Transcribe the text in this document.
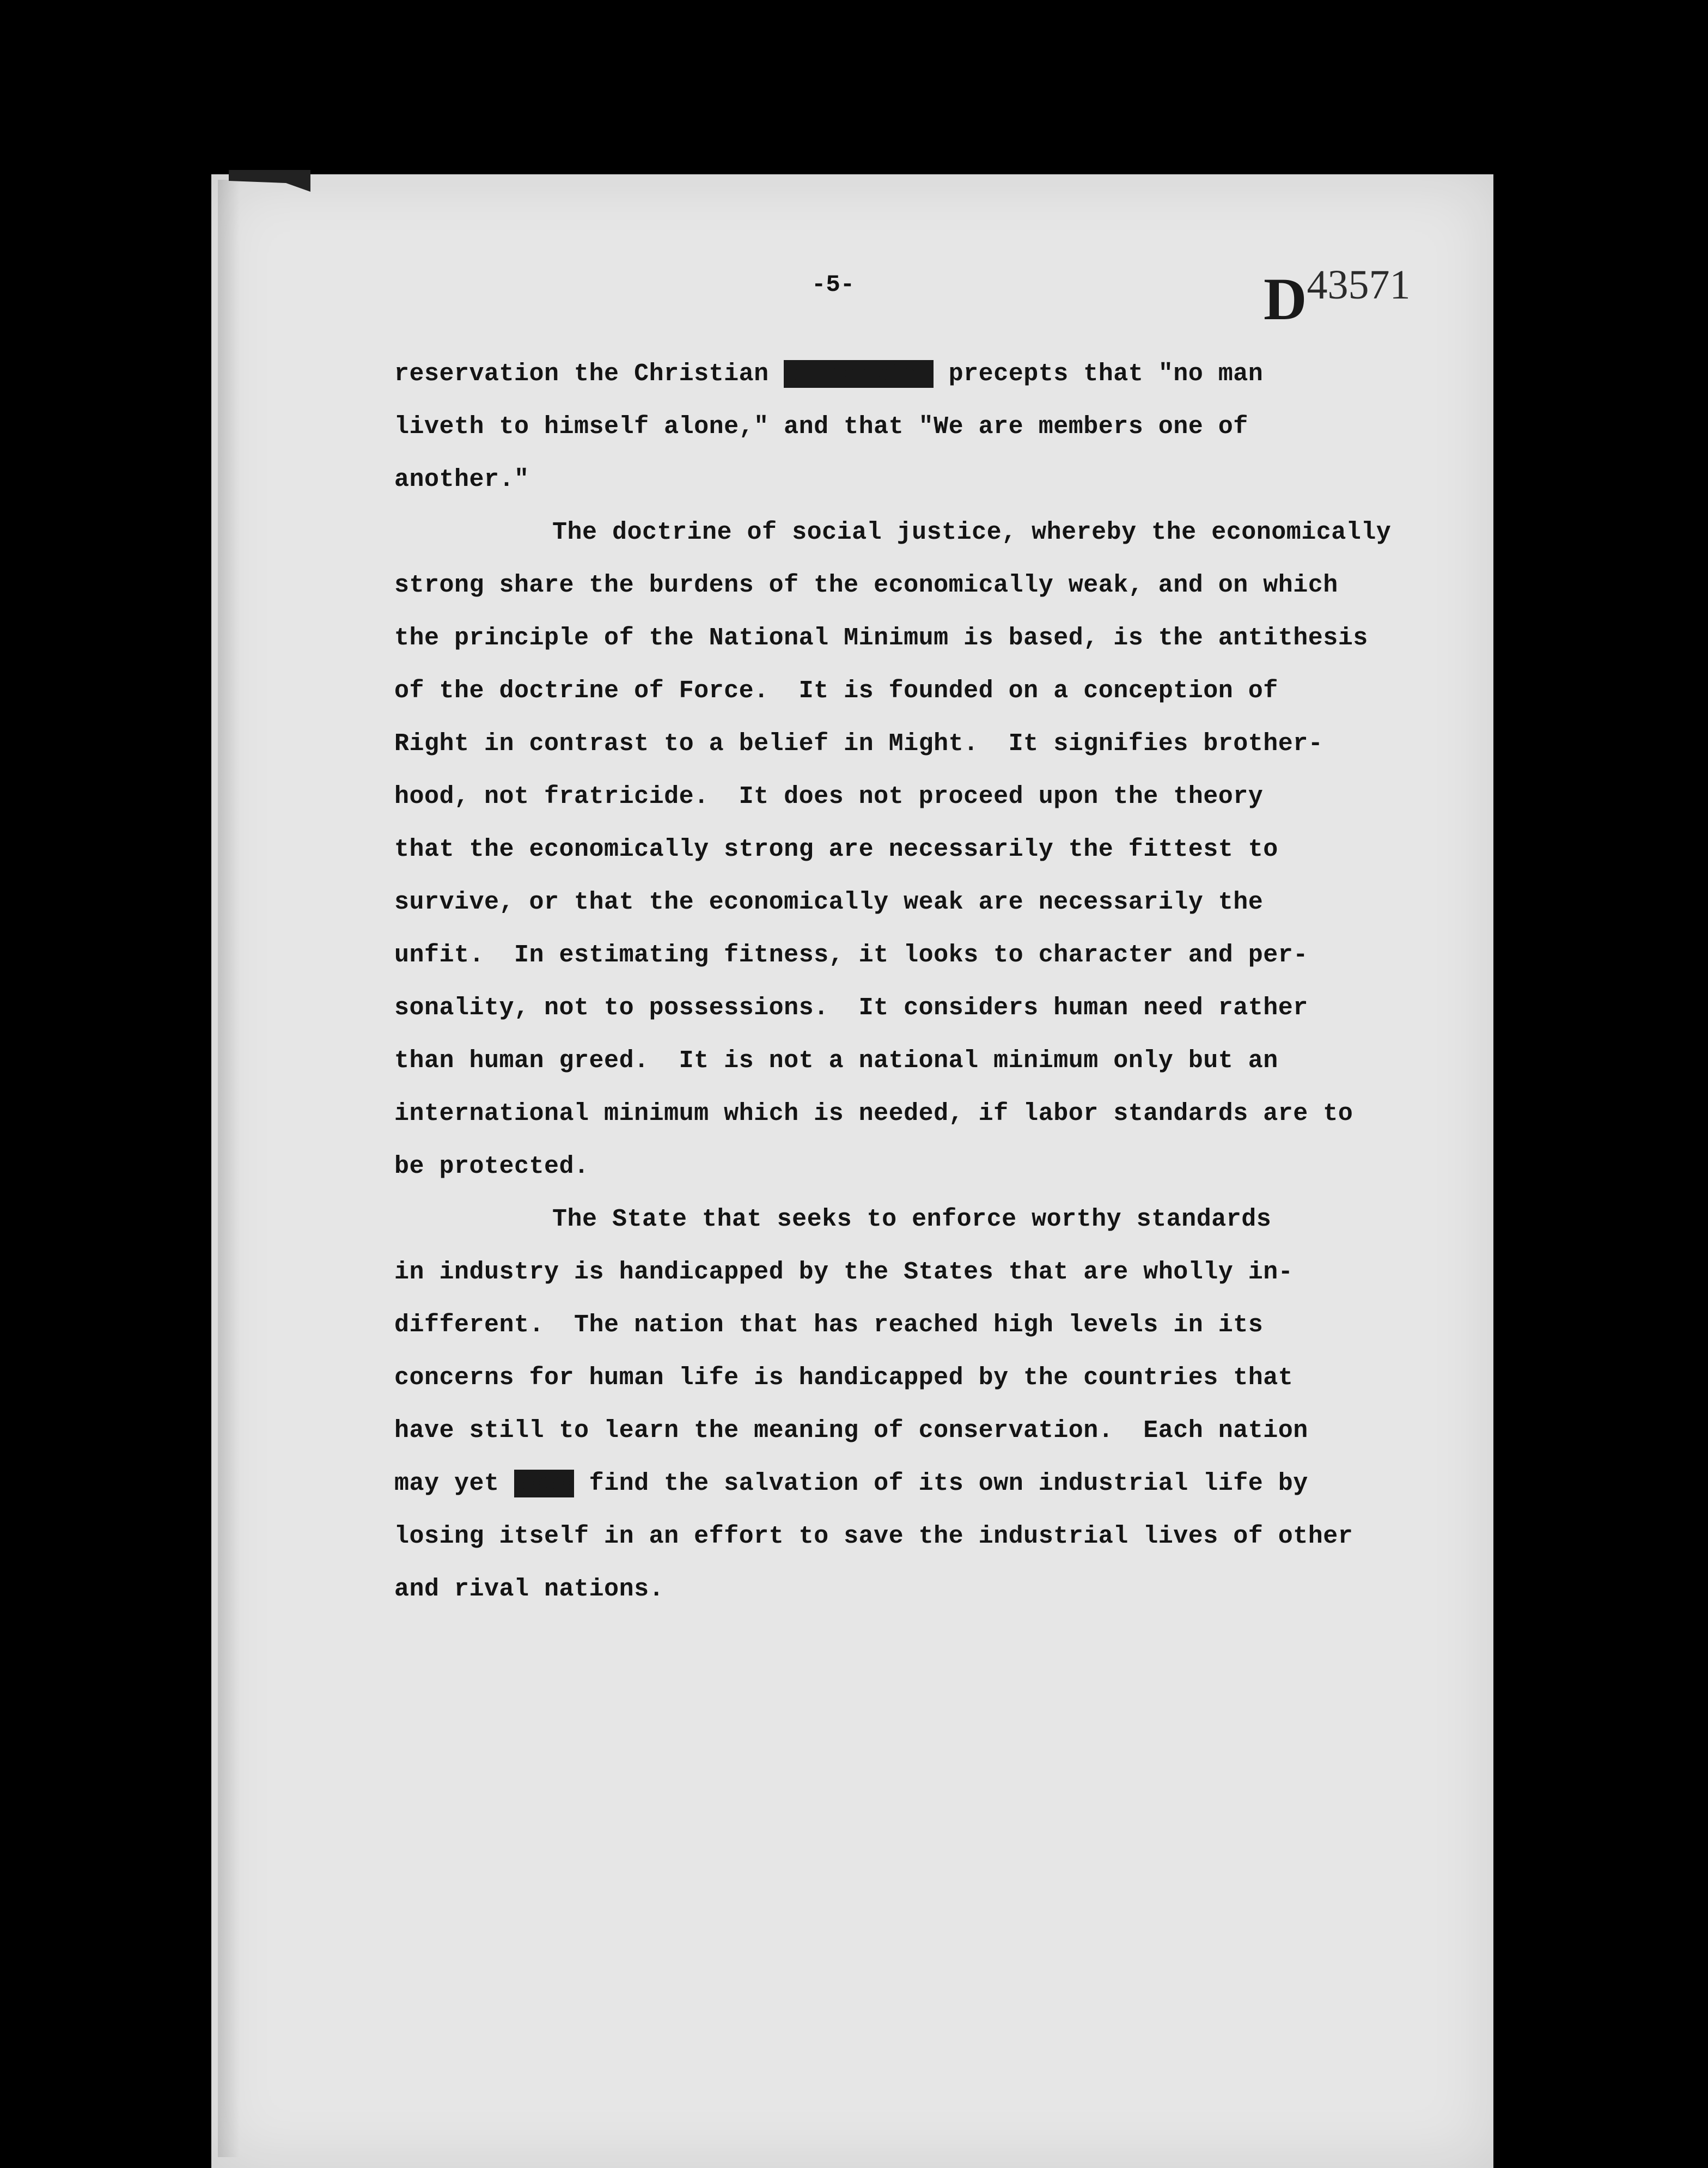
-5-	D43571
reservation the Christian principles precepts that "no man
liveth to himself alone," and that "We are members one of
another."
The doctrine of social justice, whereby the economically
strong share the burdens of the economically weak, and on which
the principle of the National Minimum is based, is the antithesis
of the doctrine of Force.  It is founded on a conception of
Right in contrast to a belief in Might.  It signifies brother-
hood, not fratricide.  It does not proceed upon the theory
that the economically strong are necessarily the fittest to
survive, or that the economically weak are necessarily the
unfit.  In estimating fitness, it looks to character and per-
sonality, not to possessions.  It considers human need rather
than human greed.  It is not a national minimum only but an
international minimum which is needed, if labor standards are to
be protected.
The State that seeks to enforce worthy standards
in industry is handicapped by the States that are wholly in-
different.  The nation that has reached high levels in its
concerns for human life is handicapped by the countries that
have still to learn the meaning of conservation.  Each nation
may yet xxxx find the salvation of its own industrial life by
losing itself in an effort to save the industrial lives of other
and rival nations.
